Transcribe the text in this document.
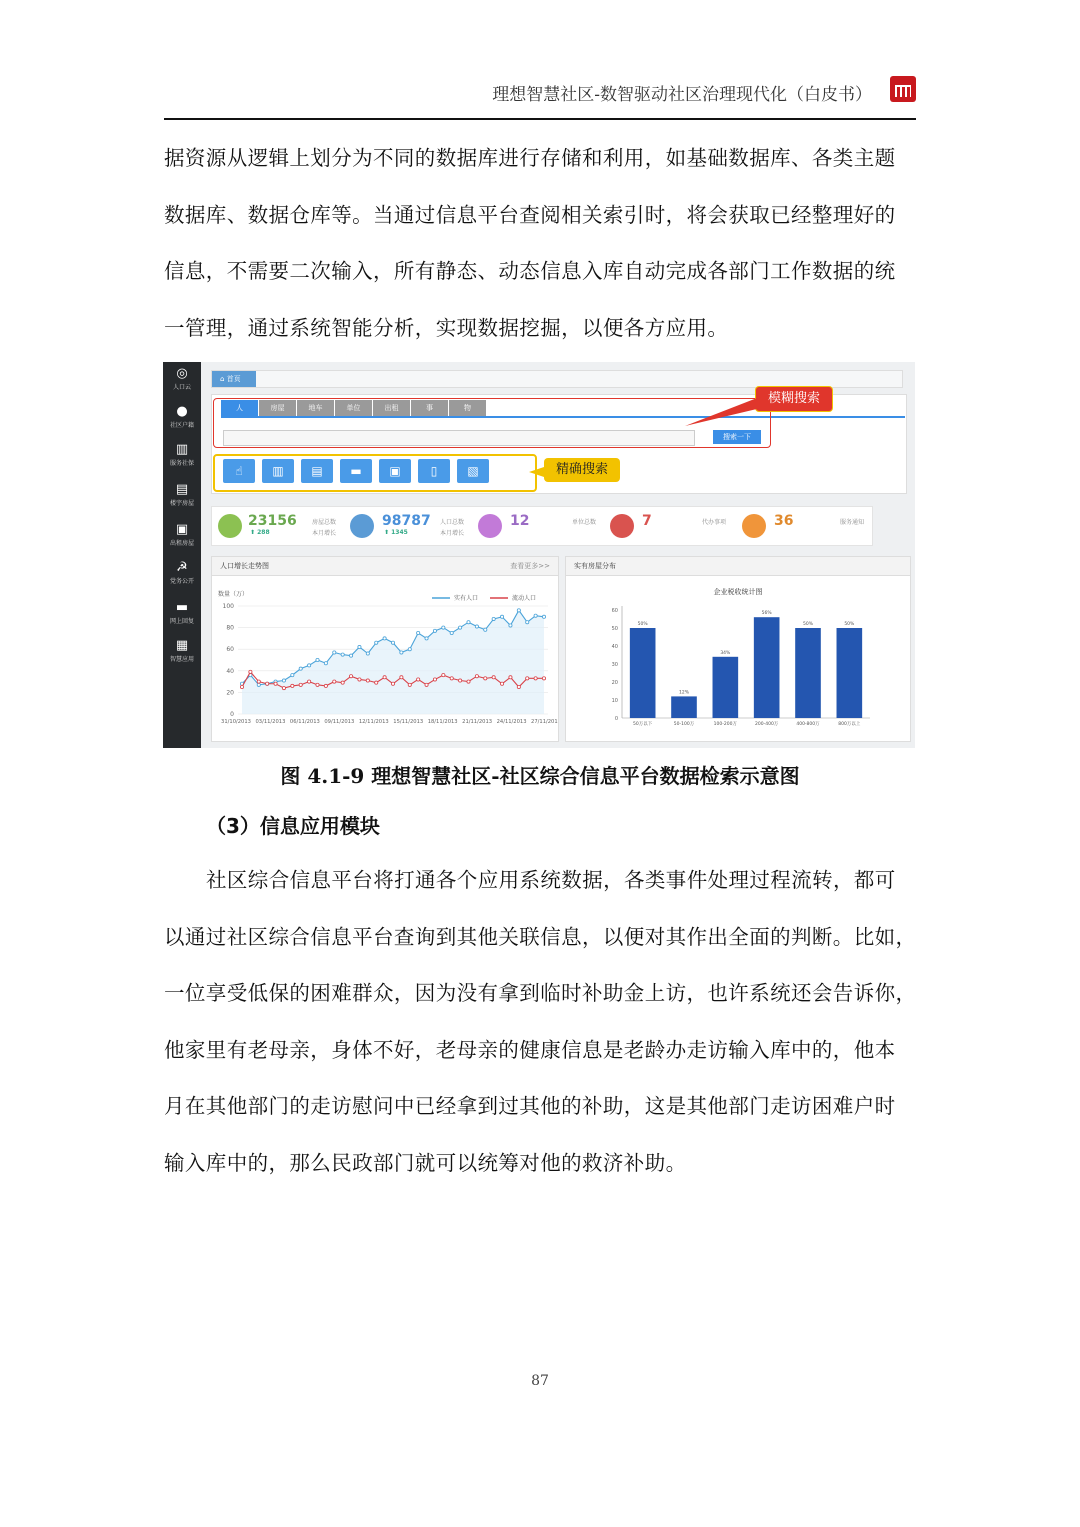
理想智慧社区-数智驱动社区治理现代化（白皮书）

据资源从逻辑上划分为不同的数据库进行存储和利用，如基础数据库、各类主题
数据库、数据仓库等。当通过信息平台查阅相关索引时，将会获取已经整理好的
信息，不需要二次输入，所有静态、动态信息入库自动完成各部门工作数据的统
一管理，通过系统智能分析，实现数据挖掘，以便各方应用。

◎
人口云
●
社区户籍
▥
服务社保
▤
楼宇房屋
▣
出租房屋
☭
党务公开
▬
网上回复
▦
智慧应用
⌂ 首页
人	房屋	地车	单位	出租	事	物
搜索一下
模糊搜索
☝	▥	▤	▬	▣	▯	▧	精确搜索
23156
⬆ 288
房屋总数
本月增长
98787
⬆ 1345
人口总数
本月增长
12	单位总数	7	代办事项	36	服务通知
人口增长走势图	查看更多>>
数量（万）
0
20
40
60
80
100
31/10/2013 03/11/2013 06/11/2013 09/11/2013 12/11/2013 15/11/2013 18/11/2013 21/11/2013 24/11/2013 27/11/2013
实有人口	流动人口
实有房屋分布
企业税收统计图
0
10
20
30
40
50
60
50%
50万以下
12%
50-100万
34%
100-200万
56%
200-400万
50%
400-800万
50%
800万以上
图 4.1-9 理想智慧社区-社区综合信息平台数据检索示意图
（3）信息应用模块

社区综合信息平台将打通各个应用系统数据，各类事件处理过程流转，都可
以通过社区综合信息平台查询到其他关联信息，以便对其作出全面的判断。比如，
一位享受低保的困难群众，因为没有拿到临时补助金上访，也许系统还会告诉你，
他家里有老母亲，身体不好，老母亲的健康信息是老龄办走访输入库中的，他本
月在其他部门的走访慰问中已经拿到过其他的补助，这是其他部门走访困难户时
输入库中的，那么民政部门就可以统筹对他的救济补助。

87
